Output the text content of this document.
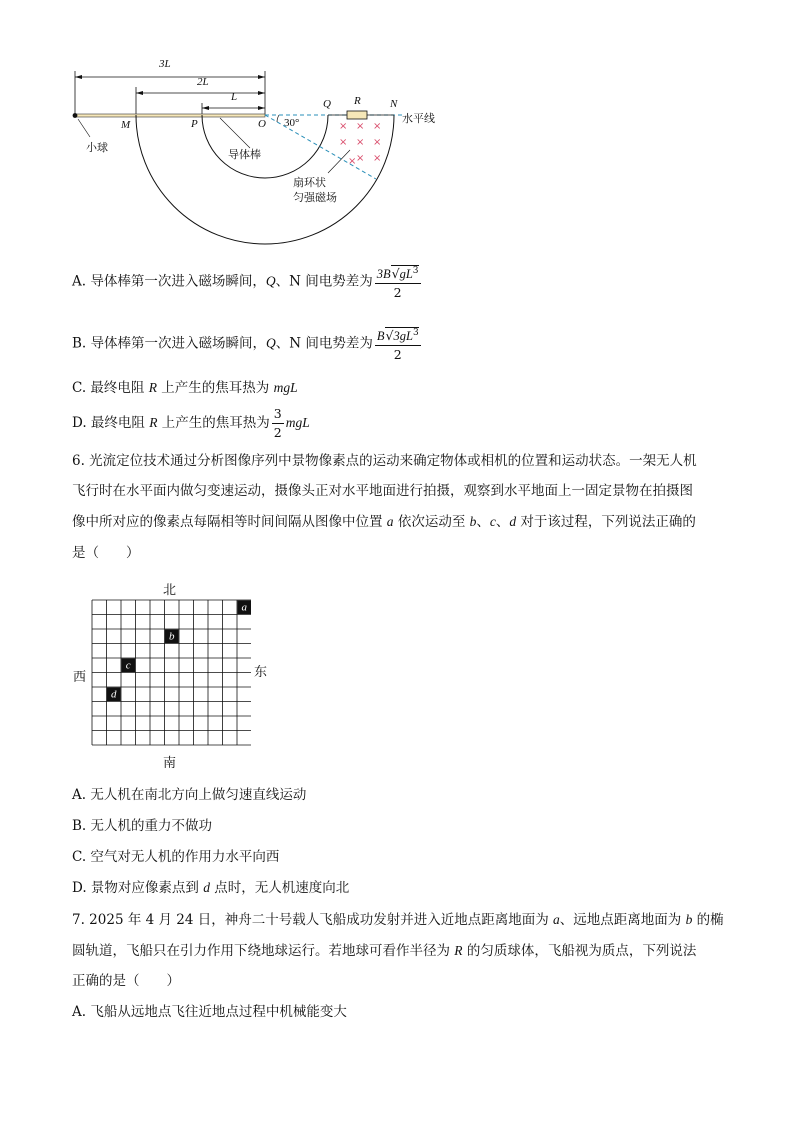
× × ×
× × ×
× ×
×
3L
2L
L
M	P	O
Q R	N
30°	水平线
小球
导体棒
扇环状
匀强磁场
A. 导体棒第一次进入磁场瞬间，Q、N 间电势差为 $\frac{3B√gL^3}{2}$
B. 导体棒第一次进入磁场瞬间，Q、N 间电势差为 $\frac{B√3gL^3}{2}$
C. 最终电阻 R 上产生的焦耳热为 mgL
D. 最终电阻 R 上产生的焦耳热为 $\frac{3}{2}$ mgL
6. 光流定位技术通过分析图像序列中景物像素点的运动来确定物体或相机的位置和运动状态。一架无人机
飞行时在水平面内做匀变速运动，摄像头正对水平地面进行拍摄，观察到水平地面上一固定景物在拍摄图
像中所对应的像素点每隔相等时间间隔从图像中位置 a 依次运动至 b、c、d 对于该过程，下列说法正确的
是（　　）
北
南
西	东
a
b
c
d
A. 无人机在南北方向上做匀速直线运动
B. 无人机的重力不做功
C. 空气对无人机的作用力水平向西
D. 景物对应像素点到 d 点时，无人机速度向北
7. 2025 年 4 月 24 日，神舟二十号载人飞船成功发射并进入近地点距离地面为 a、远地点距离地面为 b 的椭
圆轨道，飞船只在引力作用下绕地球运行。若地球可看作半径为 R 的匀质球体，飞船视为质点，下列说法
正确的是（　　）
A. 飞船从远地点飞往近地点过程中机械能变大
